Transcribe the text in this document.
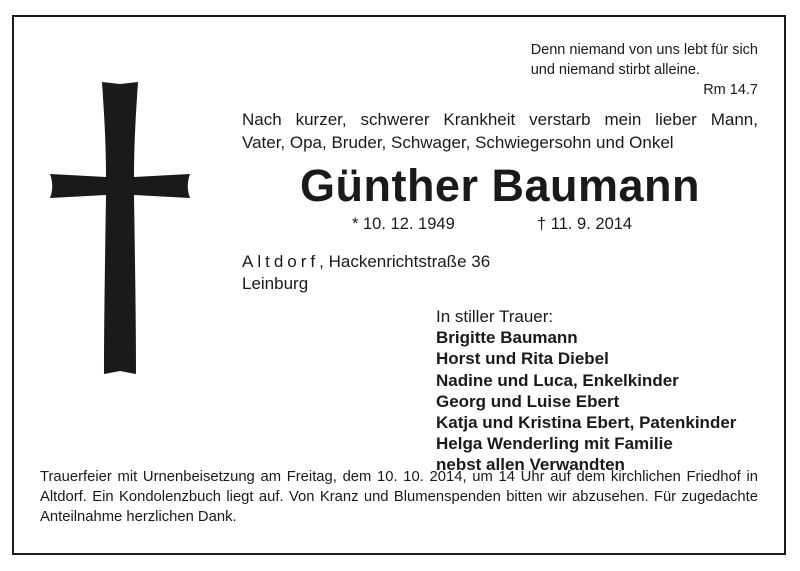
Denn niemand von uns lebt für sich
und niemand stirbt alleine.
Rm 14.7
Nach kurzer, schwerer Krankheit verstarb mein lieber Mann,
Vater, Opa, Bruder, Schwager, Schwiegersohn und Onkel
Günther Baumann
* 10. 12. 1949	† 11. 9. 2014
Altdorf, Hackenrichtstraße 36
Leinburg
In stiller Trauer:
Brigitte Baumann
Horst und Rita Diebel
Nadine und Luca, Enkelkinder
Georg und Luise Ebert
Katja und Kristina Ebert, Patenkinder
Helga Wenderling mit Familie
nebst allen Verwandten
Trauerfeier mit Urnenbeisetzung am Freitag, dem 10. 10. 2014, um 14 Uhr auf dem kirchlichen Friedhof in Altdorf. Ein Kondolenzbuch liegt auf. Von Kranz und Blumenspenden bitten wir abzusehen. Für zugedachte Anteilnahme herzlichen Dank.
